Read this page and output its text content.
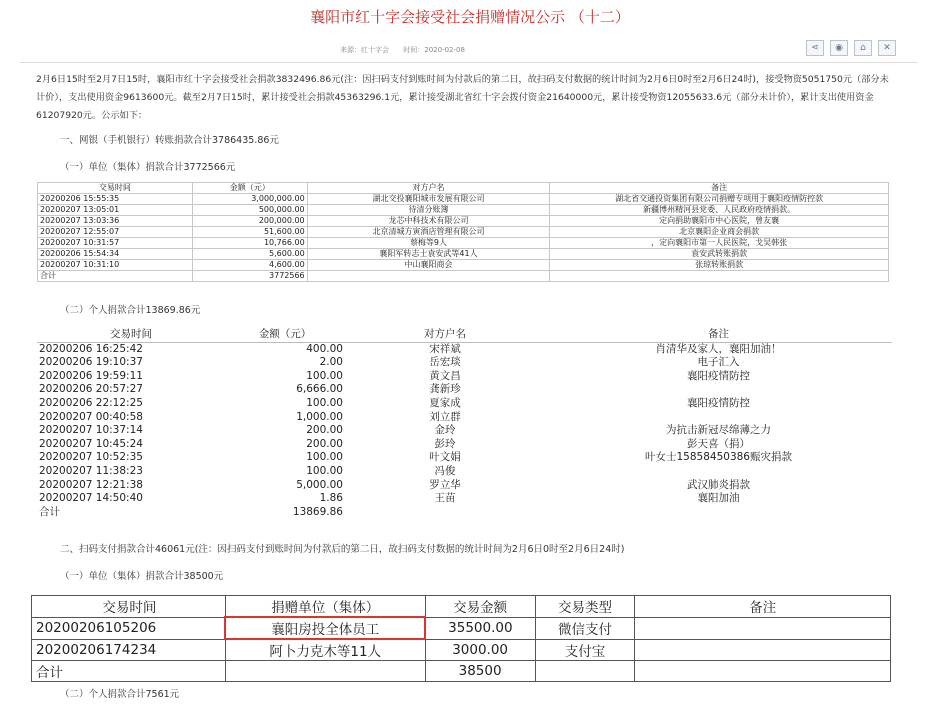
襄阳市红十字会接受社会捐赠情况公示 （十二）
来源：红十字会 时间：2020-02-08	⋖	◉	⌂	✕
2月6日15时至2月7日15时，襄阳市红十字会接受社会捐款3832496.86元(注：因扫码支付到账时间为付款后的第二日，故扫码支付数据的统计时间为2月6日0时至2月6日24时)，接受物资5051750元（部分未计价），支出使用资金9613600元。截至2月7日15时，累计接受社会捐款45363296.1元，累计接受湖北省红十字会拨付资金21640000元，累计接受物资12055633.6元（部分未计价），累计支出使用资金61207920元。公示如下：
一、网银（手机银行）转账捐款合计3786435.86元
（一）单位（集体）捐款合计3772566元
交易时间	金额（元）	对方户名	备注
20200206 15:55:35	3,000,000.00	湖北交投襄阳城市发展有限公司	湖北省交通投资集团有限公司捐赠专项用于襄阳疫情防控款
20200207 13:05:01	500,000.00	待清分账簿	新疆博州精河县党委、人民政府疫情捐款。
20200207 13:03:36	200,000.00	龙芯中科技术有限公司	定向捐助襄阳市中心医院，曾友襄
20200207 12:55:07	51,600.00	北京清城方寅酒店管理有限公司	北京襄阳企业商会捐款
20200207 10:31:57	10,766.00	蔡梅等9人	，定向襄阳市第一人民医院，戈吴韩张
20200206 15:54:34	5,600.00	襄阳军转志士袁安武等41人	袁安武转账捐款
20200207 10:31:10	4,600.00	中山襄阳商会	张琼转账捐款
合计	3772566		
（二）个人捐款合计13869.86元
交易时间	金额（元）	对方户名	备注
20200206 16:25:42	400.00	宋祥斌	肖清华及家人，襄阳加油！
20200206 19:10:37	2.00	岳宏琰	电子汇入
20200206 19:59:11	100.00	黄文昌	襄阳疫情防控
20200206 20:57:27	6,666.00	龚新珍	
20200206 22:12:25	100.00	夏家成	襄阳疫情防控
20200207 00:40:58	1,000.00	刘立群	
20200207 10:37:14	200.00	金玲	为抗击新冠尽绵薄之力
20200207 10:45:24	200.00	彭玲	彭天喜（捐）
20200207 10:52:35	100.00	叶文娟	叶女士15858450386赈灾捐款
20200207 11:38:23	100.00	冯俊	
20200207 12:21:38	5,000.00	罗立华	武汉肺炎捐款
20200207 14:50:40	1.86	王苗	襄阳加油
合计	13869.86		
二、扫码支付捐款合计46061元(注：因扫码支付到账时间为付款后的第二日，故扫码支付数据的统计时间为2月6日0时至2月6日24时)
（一）单位（集体）捐款合计38500元
交易时间	捐赠单位（集体）	交易金额	交易类型	备注
20200206105206	襄阳房投全体员工	35500.00	微信支付	
20200206174234	阿卜力克木等11人	3000.00	支付宝	
合计		38500		
（二）个人捐款合计7561元
